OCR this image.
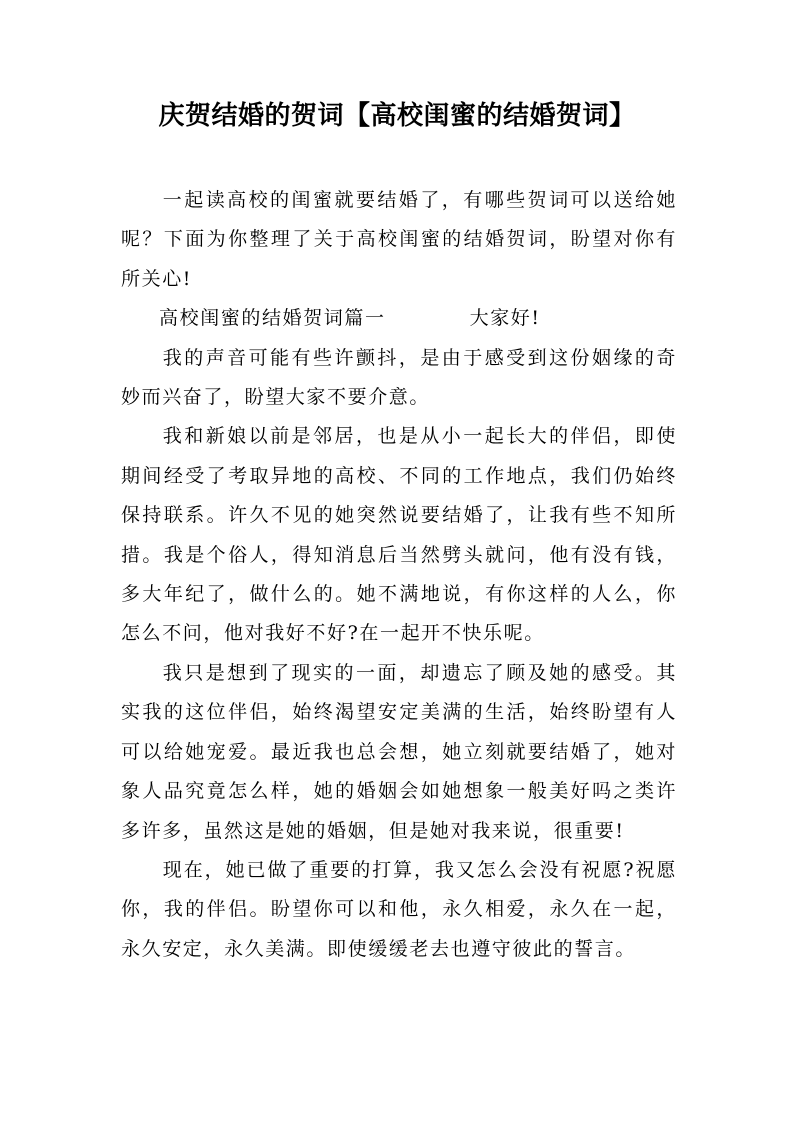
庆贺结婚的贺词【高校闺蜜的结婚贺词】

一起读高校的闺蜜就要结婚了，有哪些贺词可以送给她呢？下面为你整理了关于高校闺蜜的结婚贺词，盼望对你有所关心!

高校闺蜜的结婚贺词篇一	大家好!

我的声音可能有些许颤抖，是由于感受到这份姻缘的奇妙而兴奋了，盼望大家不要介意。

我和新娘以前是邻居，也是从小一起长大的伴侣，即使期间经受了考取异地的高校、不同的工作地点，我们仍始终保持联系。许久不见的她突然说要结婚了，让我有些不知所措。我是个俗人，得知消息后当然劈头就问，他有没有钱，多大年纪了，做什么的。她不满地说，有你这样的人么，你怎么不问，他对我好不好?在一起开不快乐呢。

我只是想到了现实的一面，却遗忘了顾及她的感受。其实我的这位伴侣，始终渴望安定美满的生活，始终盼望有人可以给她宠爱。最近我也总会想，她立刻就要结婚了，她对象人品究竟怎么样，她的婚姻会如她想象一般美好吗之类许多许多，虽然这是她的婚姻，但是她对我来说，很重要!

现在，她已做了重要的打算，我又怎么会没有祝愿?祝愿你，我的伴侣。盼望你可以和他，永久相爱，永久在一起，永久安定，永久美满。即使缓缓老去也遵守彼此的誓言。
